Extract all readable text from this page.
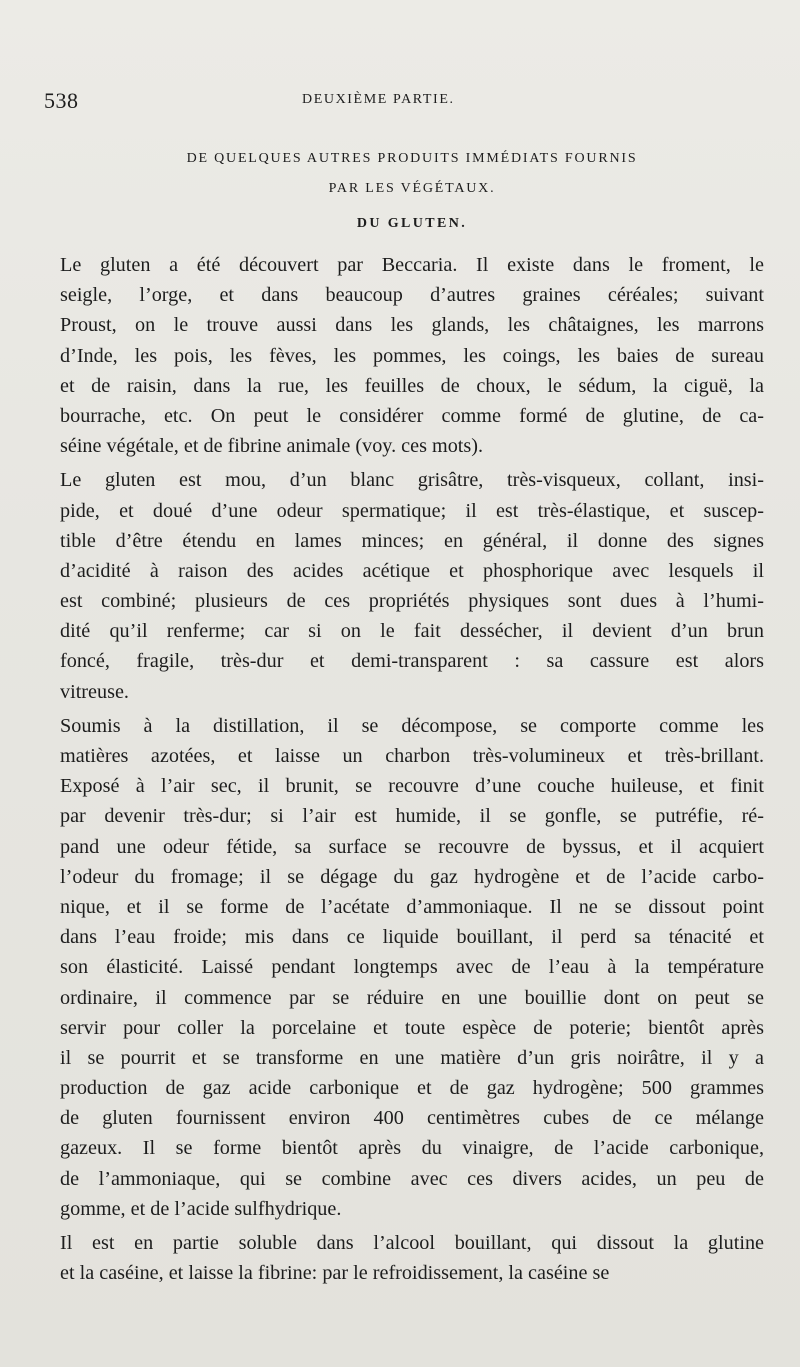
538	DEUXIÈME PARTIE.
DE QUELQUES AUTRES PRODUITS IMMÉDIATS FOURNIS
PAR LES VÉGÉTAUX.
DU GLUTEN.
Le gluten a été découvert par Beccaria. Il existe dans le froment, le
seigle, l’orge, et dans beaucoup d’autres graines céréales; suivant
Proust, on le trouve aussi dans les glands, les châtaignes, les marrons
d’Inde, les pois, les fèves, les pommes, les coings, les baies de sureau
et de raisin, dans la rue, les feuilles de choux, le sédum, la ciguë, la
bourrache, etc. On peut le considérer comme formé de glutine, de ca-
séine végétale, et de fibrine animale (voy. ces mots).
Le gluten est mou, d’un blanc grisâtre, très-visqueux, collant, insi-
pide, et doué d’une odeur spermatique; il est très-élastique, et suscep-
tible d’être étendu en lames minces; en général, il donne des signes
d’acidité à raison des acides acétique et phosphorique avec lesquels il
est combiné; plusieurs de ces propriétés physiques sont dues à l’humi-
dité qu’il renferme; car si on le fait dessécher, il devient d’un brun
foncé, fragile, très-dur et demi-transparent : sa cassure est alors
vitreuse.
Soumis à la distillation, il se décompose, se comporte comme les
matières azotées, et laisse un charbon très-volumineux et très-brillant.
Exposé à l’air sec, il brunit, se recouvre d’une couche huileuse, et finit
par devenir très-dur; si l’air est humide, il se gonfle, se putréfie, ré-
pand une odeur fétide, sa surface se recouvre de byssus, et il acquiert
l’odeur du fromage; il se dégage du gaz hydrogène et de l’acide carbo-
nique, et il se forme de l’acétate d’ammoniaque. Il ne se dissout point
dans l’eau froide; mis dans ce liquide bouillant, il perd sa ténacité et
son élasticité. Laissé pendant longtemps avec de l’eau à la température
ordinaire, il commence par se réduire en une bouillie dont on peut se
servir pour coller la porcelaine et toute espèce de poterie; bientôt après
il se pourrit et se transforme en une matière d’un gris noirâtre, il y a
production de gaz acide carbonique et de gaz hydrogène; 500 grammes
de gluten fournissent environ 400 centimètres cubes de ce mélange
gazeux. Il se forme bientôt après du vinaigre, de l’acide carbonique,
de l’ammoniaque, qui se combine avec ces divers acides, un peu de
gomme, et de l’acide sulfhydrique.
Il est en partie soluble dans l’alcool bouillant, qui dissout la glutine
et la caséine, et laisse la fibrine: par le refroidissement, la caséine se
